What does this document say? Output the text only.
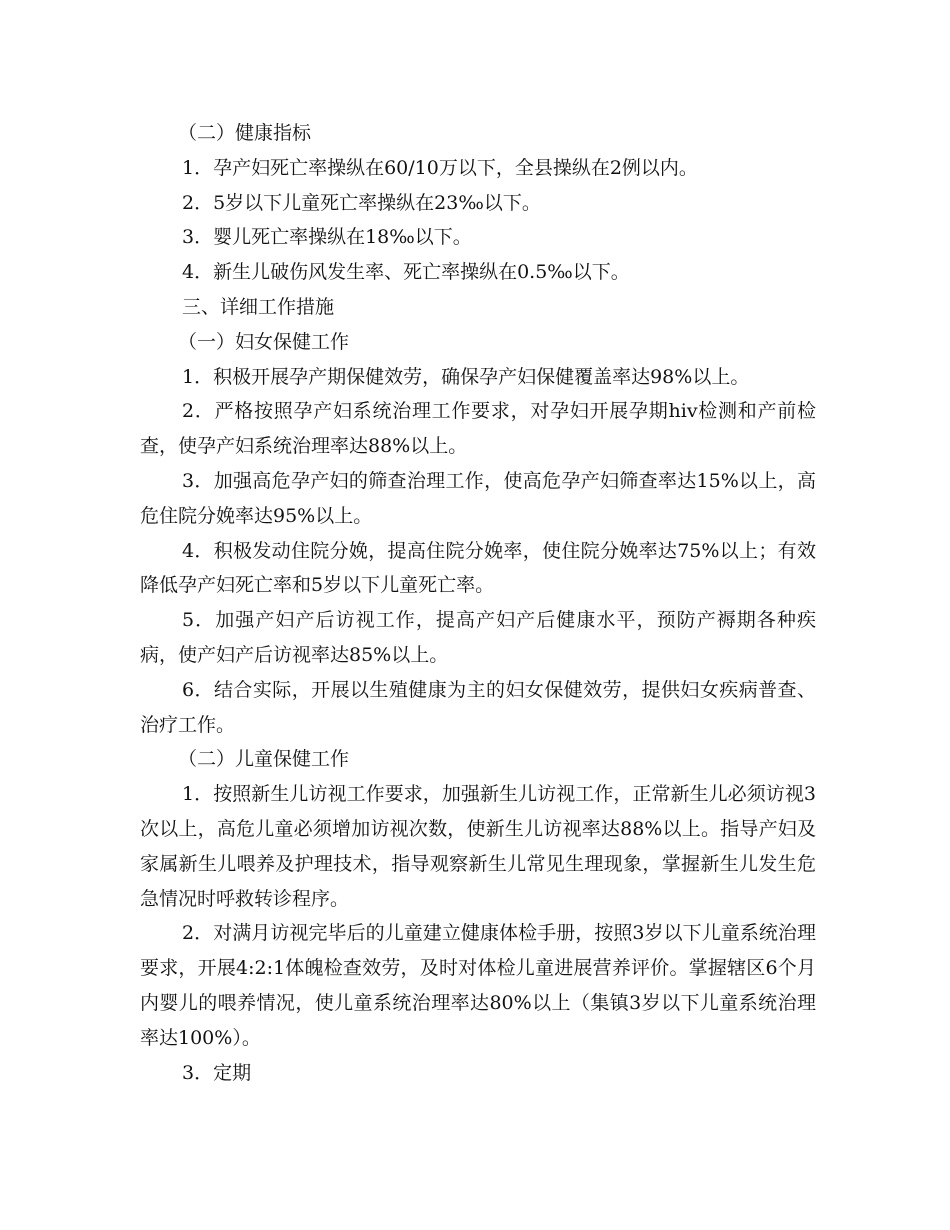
（二）健康指标

1．孕产妇死亡率操纵在60/10万以下，全县操纵在2例以内。

2．5岁以下儿童死亡率操纵在23‰以下。

3．婴儿死亡率操纵在18‰以下。

4．新生儿破伤风发生率、死亡率操纵在0.5‰以下。

三、详细工作措施

（一）妇女保健工作

1．积极开展孕产期保健效劳，确保孕产妇保健覆盖率达98%以上。

2．严格按照孕产妇系统治理工作要求，对孕妇开展孕期hiv检测和产前检查，使孕产妇系统治理率达88%以上。

3．加强高危孕产妇的筛查治理工作，使高危孕产妇筛查率达15%以上，高危住院分娩率达95%以上。

4．积极发动住院分娩，提高住院分娩率，使住院分娩率达75%以上；有效降低孕产妇死亡率和5岁以下儿童死亡率。

5．加强产妇产后访视工作，提高产妇产后健康水平，预防产褥期各种疾病，使产妇产后访视率达85%以上。

6．结合实际，开展以生殖健康为主的妇女保健效劳，提供妇女疾病普查、治疗工作。

（二）儿童保健工作

1．按照新生儿访视工作要求，加强新生儿访视工作，正常新生儿必须访视3次以上，高危儿童必须增加访视次数，使新生儿访视率达88%以上。指导产妇及家属新生儿喂养及护理技术，指导观察新生儿常见生理现象，掌握新生儿发生危急情况时呼救转诊程序。

2．对满月访视完毕后的儿童建立健康体检手册，按照3岁以下儿童系统治理要求，开展4:2:1体魄检查效劳，及时对体检儿童进展营养评价。掌握辖区6个月内婴儿的喂养情况，使儿童系统治理率达80%以上（集镇3岁以下儿童系统治理率达100%）。

3．定期
